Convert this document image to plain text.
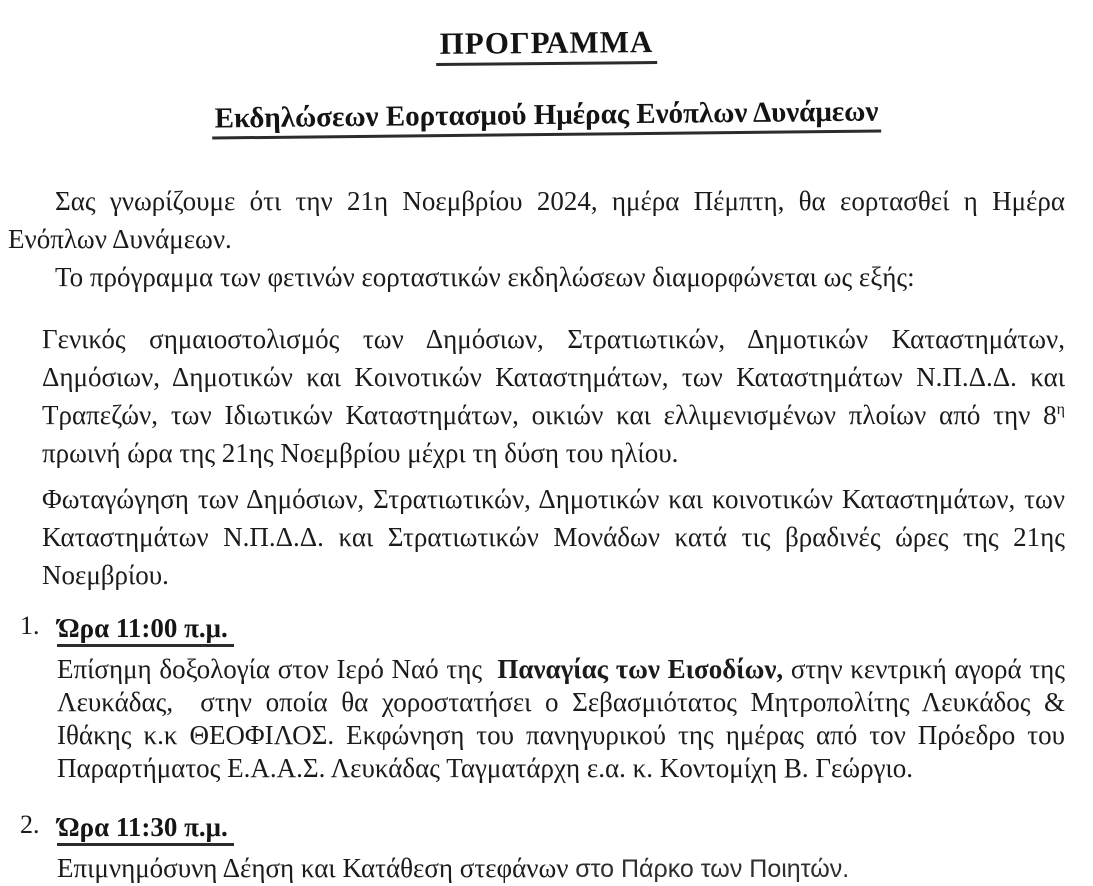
ΠΡΟΓΡΑΜΜΑ
Εκδηλώσεων Εορτασμού Ημέρας Ενόπλων Δυνάμεων

Σας γνωρίζουμε ότι την 21η Νοεμβρίου 2024, ημέρα Πέμπτη, θα εορτασθεί η Ημέρα Ενόπλων Δυνάμεων.

Το πρόγραμμα των φετινών εορταστικών εκδηλώσεων διαμορφώνεται ως εξής:

Γενικός σημαιοστολισμός των Δημόσιων, Στρατιωτικών, Δημοτικών Καταστημάτων, Δημόσιων, Δημοτικών και Κοινοτικών Καταστημάτων, των Καταστημάτων Ν.Π.Δ.Δ. και Τραπεζών, των Ιδιωτικών Καταστημάτων, οικιών και ελλιμενισμένων πλοίων από την $8^\eta$ πρωινή ώρα της 21ης Νοεμβρίου μέχρι τη δύση του ηλίου.

Φωταγώγηση των Δημόσιων, Στρατιωτικών, Δημοτικών και κοινοτικών Καταστημάτων, των Καταστημάτων Ν.Π.Δ.Δ. και Στρατιωτικών Μονάδων κατά τις βραδινές ώρες της 21ης Νοεμβρίου.

1. Ώρα 11:00 π.μ.

Επίσημη δοξολογία στον Ιερό Ναό της  Παναγίας των Εισοδίων, στην κεντρική αγορά της Λευκάδας,  στην οποία θα χοροστατήσει ο Σεβασμιότατος Μητροπολίτης Λευκάδος & Ιθάκης κ.κ ΘΕΟΦΙΛΟΣ. Εκφώνηση του πανηγυρικού της ημέρας από τον Πρόεδρο του Παραρτήματος Ε.Α.Α.Σ. Λευκάδας Ταγματάρχη ε.α. κ. Κοντομίχη Β. Γεώργιο.

2. Ώρα 11:30 π.μ.

Επιμνημόσυνη Δέηση και Κατάθεση στεφάνων στο Πάρκο των Ποιητών.
